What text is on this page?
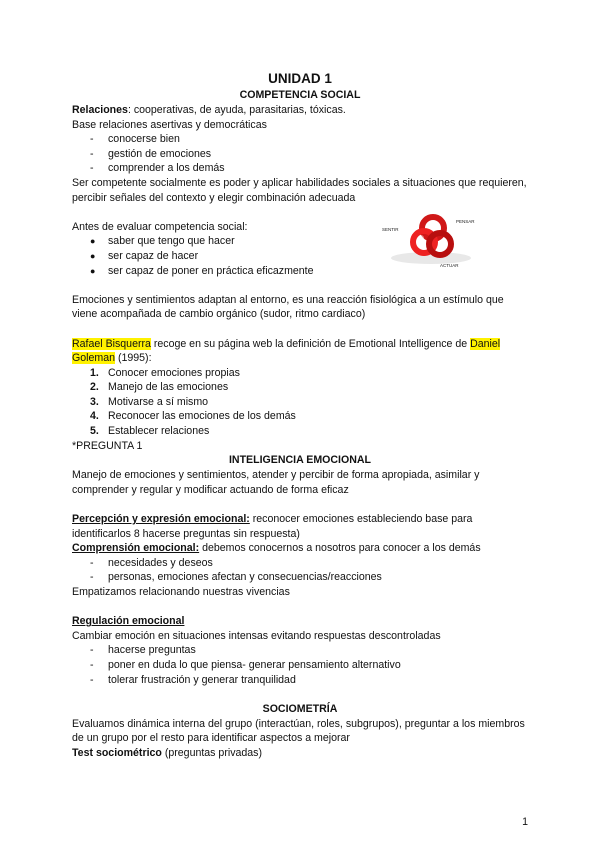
UNIDAD 1

COMPETENCIA SOCIAL

Relaciones: cooperativas, de ayuda, parasitarias, tóxicas.

Base relaciones asertivas y democráticas

- conocerse bien
- gestión de emociones
- comprender a los demás

Ser competente socialmente es poder y aplicar habilidades sociales a situaciones que requieren, percibir señales del contexto y elegir combinación adecuada

Antes de evaluar competencia social:

● saber que tengo que hacer
● ser capaz de hacer
● ser capaz de poner en práctica eficazmente

Emociones y sentimientos adaptan al entorno, es una reacción fisiológica a un estímulo que viene acompañada de cambio orgánico (sudor, ritmo cardiaco)

Rafael Bisquerra recoge en su página web la definición de Emotional Intelligence de Daniel Goleman (1995):

1. Conocer emociones propias
2. Manejo de las emociones
3. Motivarse a sí mismo
4. Reconocer las emociones de los demás
5. Establecer relaciones

*PREGUNTA 1

INTELIGENCIA EMOCIONAL

Manejo de emociones y sentimientos, atender y percibir de forma apropiada, asimilar y comprender y regular y modificar actuando de forma eficaz

Percepción y expresión emocional: reconocer emociones estableciendo base para identificarlos 8 hacerse preguntas sin respuesta)

Comprensión emocional: debemos conocernos a nosotros para conocer a los demás

- necesidades y deseos
- personas, emociones afectan y consecuencias/reacciones

Empatizamos relacionando nuestras vivencias

Regulación emocional

Cambiar emoción en situaciones intensas evitando respuestas descontroladas

- hacerse preguntas
- poner en duda lo que piensa- generar pensamiento alternativo
- tolerar frustración y generar tranquilidad

SOCIOMETRÍA

Evaluamos dinámica interna del grupo (interactúan, roles, subgrupos), preguntar a los miembros de un grupo por el resto para identificar aspectos a mejorar

Test sociométrico (preguntas privadas)

SENTIR
PENSAR
ACTUAR
1
